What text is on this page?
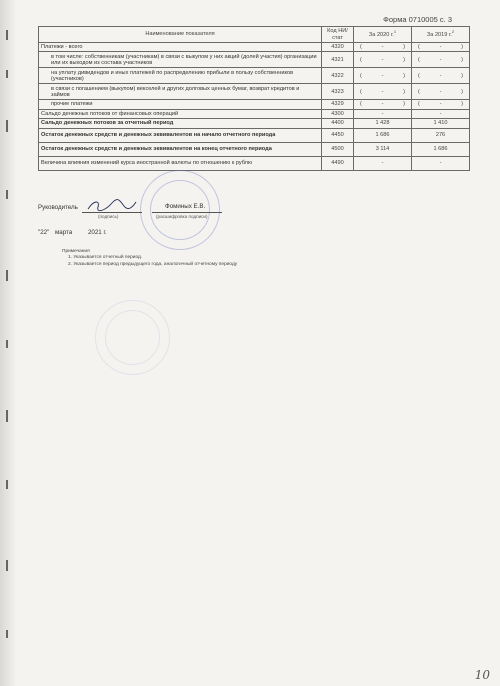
Форма 0710005 с. 3
Наименование показателя	Код НИ/ стат	За 2020 г.$^1$	За 2019 г.$^2$
Платежи - всего	4320	( - )	( - )

в том числе: собственникам (участникам) в связи с выкупом у них акций (долей участия) организации или их выходом из состава участников	4321	( - )	( - )

на уплату дивидендов и иных платежей по распределению прибыли в пользу собственников (участников)	4322	( - )	( - )

в связи с погашением (выкупом) векселей и других долговых ценных бумаг, возврат кредитов и займов	4323	( - )	( - )

прочие платежи	4329	( - )	( - )

Сальдо денежных потоков от финансовых операций	4300	-	-
Сальдо денежных потоков за отчетный период	4400	1 428	1 410
Остаток денежных средств и денежных эквивалентов на начало отчетного периода	4450	1 686	276
Остаток денежных средств и денежных эквивалентов на конец отчетного периода	4500	3 114	1 686
Величина влияния изменений курса иностранной валюты по отношению к рублю	4490	-	-
Руководитель
(подпись)
Фоминых Е.В.
(расшифровка подписи)
"22" марта	2021 г.
Примечания
1. Указывается отчетный период.
2. Указывается период предыдущего года, аналогичный отчетному периоду
10
